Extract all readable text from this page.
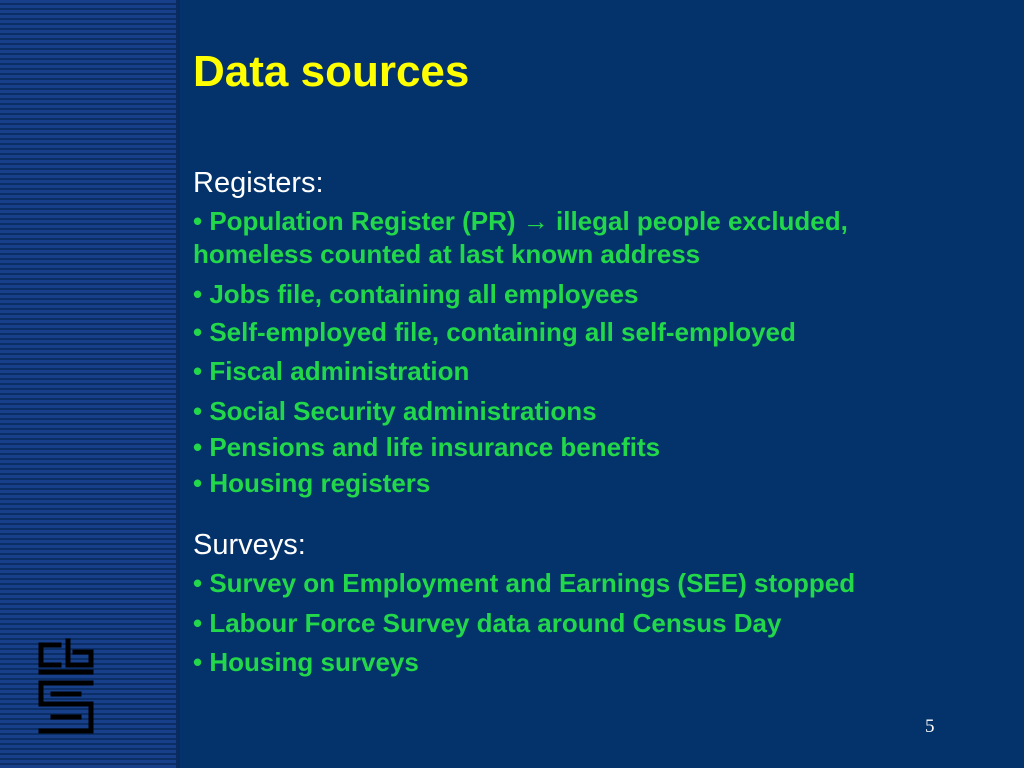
Data sources
Registers:
• Population Register (PR) → illegal people excluded,
homeless counted at last known address
• Jobs file, containing all employees
• Self-employed file, containing all self-employed
• Fiscal administration
• Social Security administrations
• Pensions and life insurance benefits
• Housing registers
Surveys:
• Survey on Employment and Earnings (SEE) stopped
• Labour Force Survey data around Census Day
• Housing surveys
5
